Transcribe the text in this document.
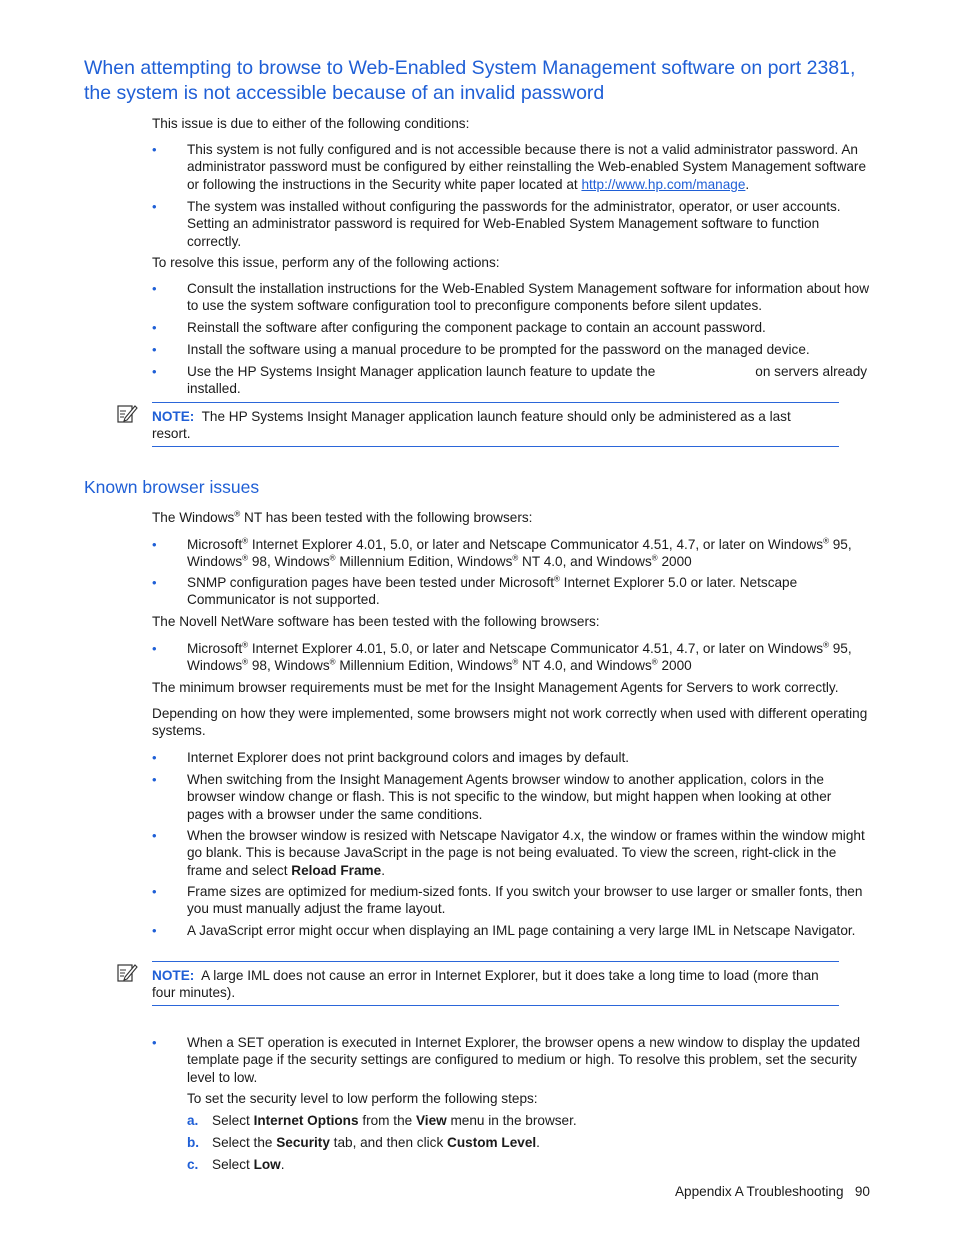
When attempting to browse to Web-Enabled System Management software on port 2381, the system is not accessible because of an invalid password

This issue is due to either of the following conditions:

• This system is not fully configured and is not accessible because there is not a valid administrator password. An administrator password must be configured by either reinstalling the Web-enabled System Management software or following the instructions in the Security white paper located at http://www.hp.com/manage.
• The system was installed without configuring the passwords for the administrator, operator, or user accounts. Setting an administrator password is required for Web-Enabled System Management software to function correctly.

To resolve this issue, perform any of the following actions:

• Consult the installation instructions for the Web-Enabled System Management software for information about how to use the system software configuration tool to preconfigure components before silent updates.
• Reinstall the software after configuring the component package to contain an account password.
• Install the software using a manual procedure to be prompted for the password on the managed device.
• Use the HP Systems Insight Manager application launch feature to update the	on servers already installed.
NOTE: The HP Systems Insight Manager application launch feature should only be administered as a last resort.
Known browser issues

The Windows® NT has been tested with the following browsers:

• Microsoft® Internet Explorer 4.01, 5.0, or later and Netscape Communicator 4.51, 4.7, or later on Windows® 95, Windows® 98, Windows® Millennium Edition, Windows® NT 4.0, and Windows® 2000
• SNMP configuration pages have been tested under Microsoft® Internet Explorer 5.0 or later. Netscape Communicator is not supported.

The Novell NetWare software has been tested with the following browsers:

• Microsoft® Internet Explorer 4.01, 5.0, or later and Netscape Communicator 4.51, 4.7, or later on Windows® 95, Windows® 98, Windows® Millennium Edition, Windows® NT 4.0, and Windows® 2000

The minimum browser requirements must be met for the Insight Management Agents for Servers to work correctly.

Depending on how they were implemented, some browsers might not work correctly when used with different operating systems.

• Internet Explorer does not print background colors and images by default.
• When switching from the Insight Management Agents browser window to another application, colors in the browser window change or flash. This is not specific to the window, but might happen when looking at other pages with a browser under the same conditions.
• When the browser window is resized with Netscape Navigator 4.x, the window or frames within the window might go blank. This is because JavaScript in the page is not being evaluated. To view the screen, right-click in the frame and select Reload Frame.
• Frame sizes are optimized for medium-sized fonts. If you switch your browser to use larger or smaller fonts, then you must manually adjust the frame layout.
• A JavaScript error might occur when displaying an IML page containing a very large IML in Netscape Navigator.
NOTE: A large IML does not cause an error in Internet Explorer, but it does take a long time to load (more than four minutes).
• When a SET operation is executed in Internet Explorer, the browser opens a new window to display the updated template page if the security settings are configured to medium or high. To resolve this problem, set the security level to low.

To set the security level to low perform the following steps:

a. Select Internet Options from the View menu in the browser.
b. Select the Security tab, and then click Custom Level.
c. Select Low.
Appendix A Troubleshooting 90
